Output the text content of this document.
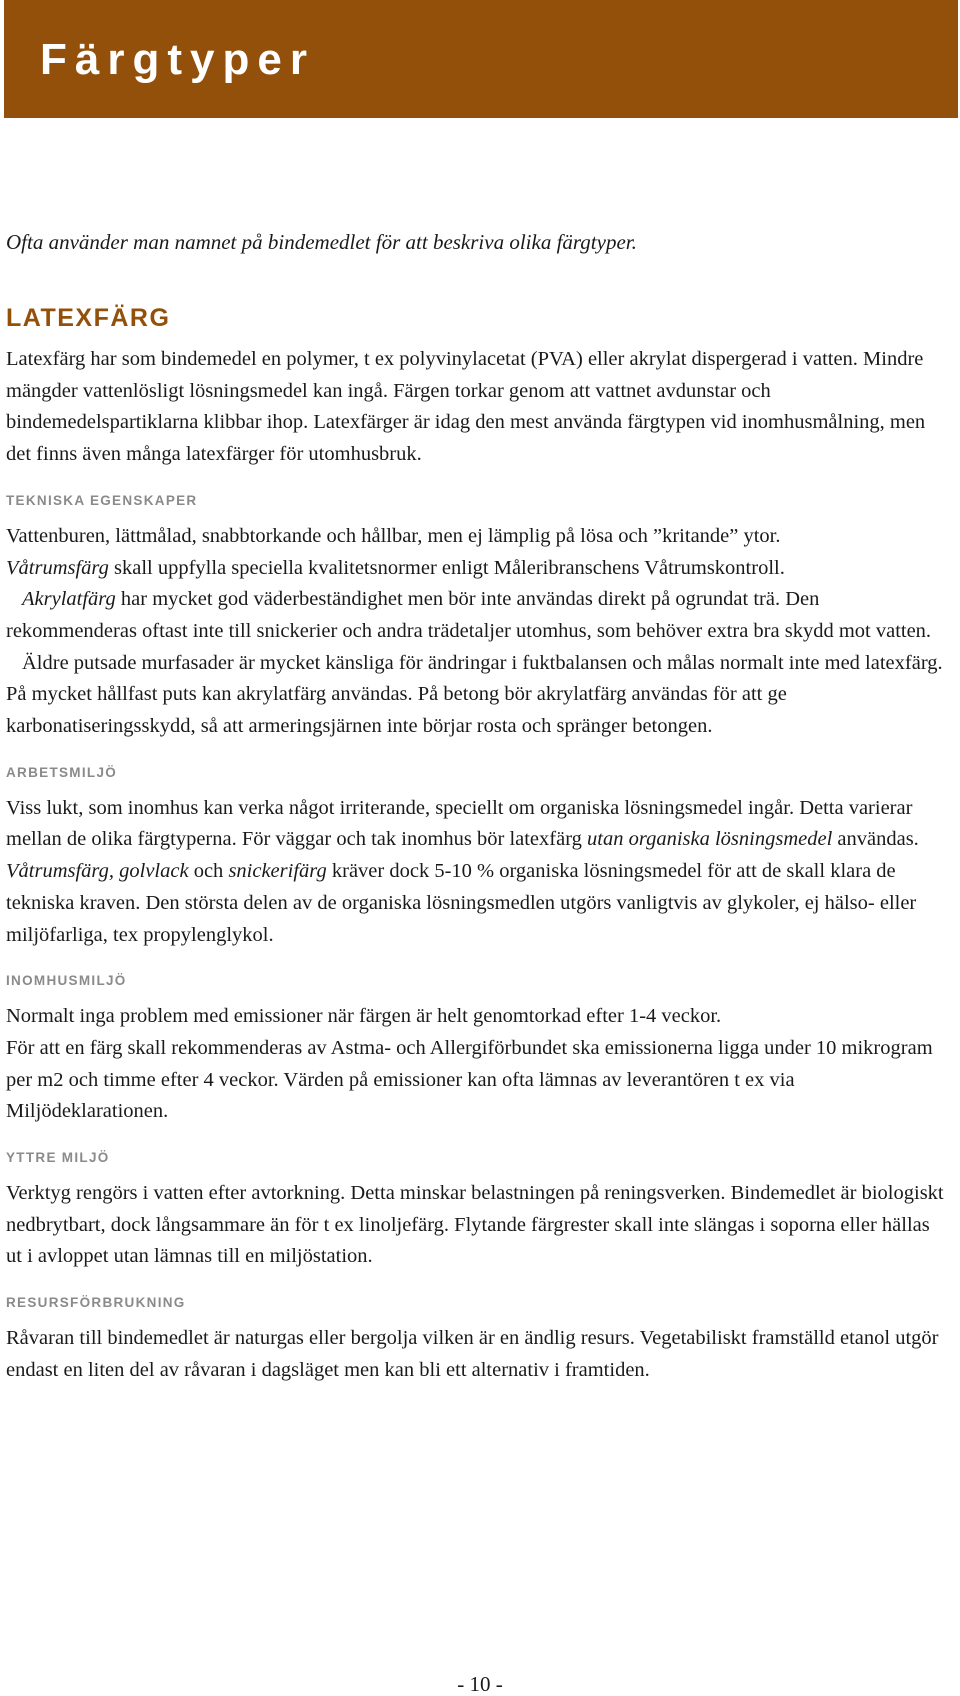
Färgtyper

Ofta använder man namnet på bindemedlet för att beskriva olika färgtyper.

LATEXFÄRG

Latexfärg har som bindemedel en polymer, t ex polyvinylacetat (PVA) eller akrylat dispergerad i vatten. Mindre mängder vattenlösligt lösningsmedel kan ingå. Färgen torkar genom att vattnet avdunstar och bindemedelspartiklarna klibbar ihop. Latexfärger är idag den mest använda färgtypen vid inomhusmålning, men det finns även många latexfärger för utomhusbruk.

TEKNISKA EGENSKAPER

Vattenburen, lättmålad, snabbtorkande och hållbar, men ej lämplig på lösa och ”kritande” ytor.

Våtrumsfärg skall uppfylla speciella kvalitetsnormer enligt Måleribranschens Våtrumskontroll.

Akrylatfärg har mycket god väderbeständighet men bör inte användas direkt på ogrundat trä. Den rekommenderas oftast inte till snickerier och andra trädetaljer utomhus, som behöver extra bra skydd mot vatten.

Äldre putsade murfasader är mycket känsliga för ändringar i fuktbalansen och målas normalt inte med latexfärg. På mycket hållfast puts kan akrylatfärg användas. På betong bör akrylatfärg användas för att ge karbonatiseringsskydd, så att armeringsjärnen inte börjar rosta och spränger betongen.

ARBETSMILJÖ

Viss lukt, som inomhus kan verka något irriterande, speciellt om organiska lösningsmedel ingår. Detta varierar mellan de olika färgtyperna. För väggar och tak inomhus bör latexfärg utan organiska lösningsmedel användas. Våtrumsfärg, golvlack och snickerifärg kräver dock 5-10 % organiska lösningsmedel för att de skall klara de tekniska kraven. Den största delen av de organiska lösningsmedlen utgörs vanligtvis av glykoler, ej hälso- eller miljöfarliga, tex propylenglykol.

INOMHUSMILJÖ

Normalt inga problem med emissioner när färgen är helt genomtorkad efter 1-4 veckor.

För att en färg skall rekommenderas av Astma- och Allergiförbundet ska emissionerna ligga under 10 mikrogram per m2 och timme efter 4 veckor. Värden på emissioner kan ofta lämnas av leverantören t ex via Miljödeklarationen.

YTTRE MILJÖ

Verktyg rengörs i vatten efter avtorkning. Detta minskar belastningen på reningsverken. Bindemedlet är biologiskt nedbrytbart, dock långsammare än för t ex linoljefärg. Flytande färgrester skall inte slängas i soporna eller hällas ut i avloppet utan lämnas till en miljöstation.

RESURSFÖRBRUKNING

Råvaran till bindemedlet är naturgas eller bergolja vilken är en ändlig resurs. Vegetabiliskt framställd etanol utgör endast en liten del av råvaran i dagsläget men kan bli ett alternativ i framtiden.

- 10 -
